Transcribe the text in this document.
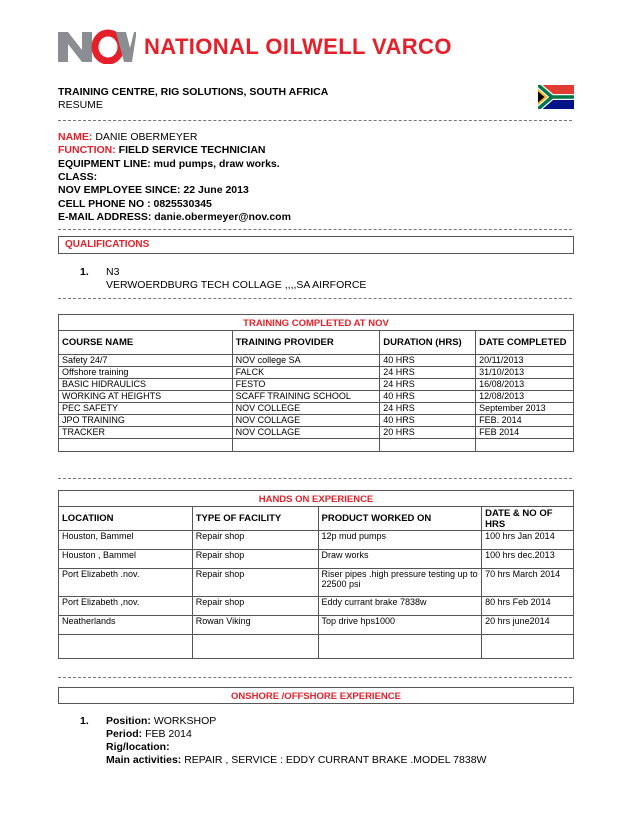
NATIONAL OILWELL VARCO
TRAINING CENTRE, RIG SOLUTIONS, SOUTH AFRICA
RESUME
NAME: DANIE OBERMEYER
FUNCTION: FIELD SERVICE TECHNICIAN
EQUIPMENT LINE: mud pumps, draw works.
CLASS:
NOV EMPLOYEE SINCE: 22 June 2013
CELL PHONE NO : 0825530345
E-MAIL ADDRESS: danie.obermeyer@nov.com
QUALIFICATIONS
1. N3
VERWOERDBURG TECH COLLAGE ,,,,SA AIRFORCE
TRAINING COMPLETED AT NOV
COURSE NAME	TRAINING PROVIDER	DURATION (HRS)	DATE COMPLETED
Safety 24/7	NOV college SA	40 HRS	20/11/2013
Offshore training	FALCK	24 HRS	31/10/2013
BASIC HIDRAULICS	FESTO	24 HRS	16/08/2013
WORKING AT HEIGHTS	SCAFF TRAINING SCHOOL	40 HRS	12/08/2013
PEC SAFETY	NOV COLLEGE	24 HRS	September 2013
JPO TRAINING	NOV COLLAGE	40 HRS	FEB. 2014
TRACKER	NOV COLLAGE	20 HRS	FEB 2014

HANDS ON EXPERIENCE
LOCATIION	TYPE OF FACILITY	PRODUCT WORKED ON	DATE & NO OF HRS
Houston, Bammel	Repair shop	12p mud pumps	100 hrs Jan 2014
Houston , Bammel	Repair shop	Draw works	100 hrs dec.2013
Port Elizabeth .nov.	Repair shop	Riser pipes .high pressure testing up to 22500 psi	70 hrs March 2014
Port Elizabeth ,nov.	Repair shop	Eddy currant brake 7838w	80 hrs Feb 2014
Neatherlands	Rowan Viking	Top drive hps1000	20 hrs june2014

ONSHORE /OFFSHORE EXPERIENCE
1. Position: WORKSHOP
Period: FEB 2014
Rig/location:
Main activities: REPAIR , SERVICE : EDDY CURRANT BRAKE .MODEL 7838W
